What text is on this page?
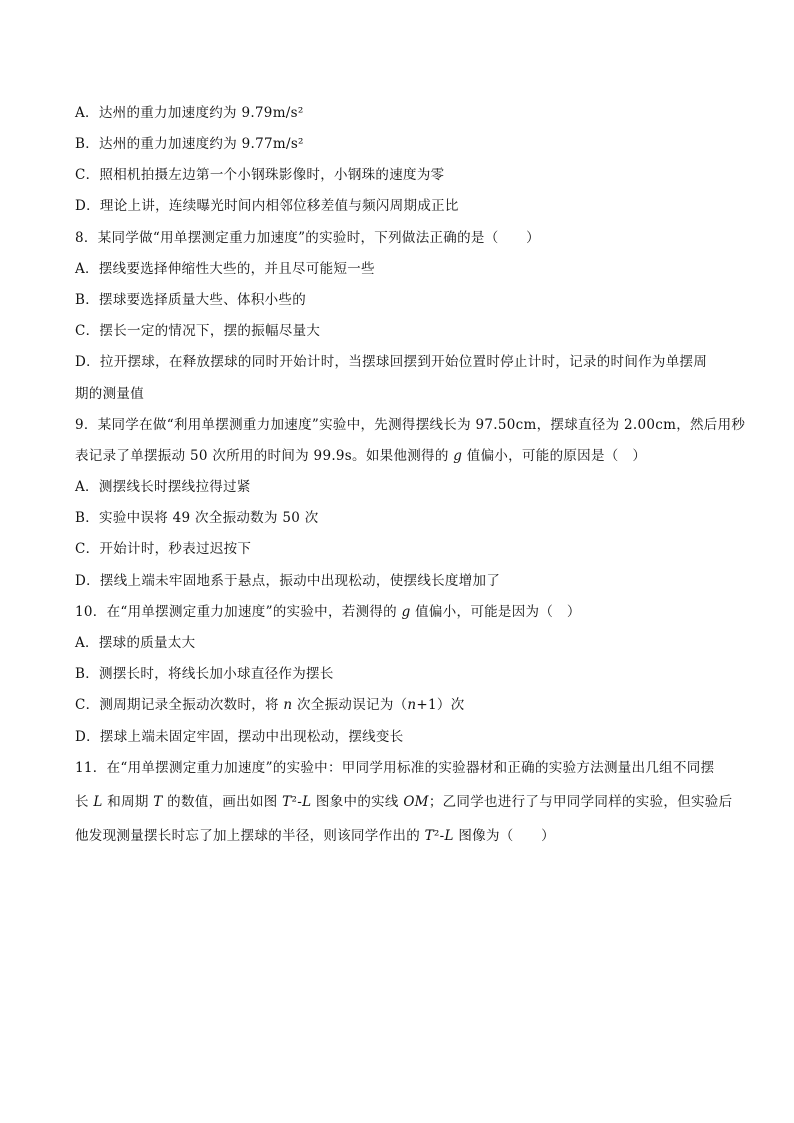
A．达州的重力加速度约为 9.79m/s²
B．达州的重力加速度约为 9.77m/s²
C．照相机拍摄左边第一个小钢珠影像时，小钢珠的速度为零
D．理论上讲，连续曝光时间内相邻位移差值与频闪周期成正比
8．某同学做“用单摆测定重力加速度”的实验时，下列做法正确的是（　　）
A．摆线要选择伸缩性大些的，并且尽可能短一些
B．摆球要选择质量大些、体积小些的
C．摆长一定的情况下，摆的振幅尽量大
D．拉开摆球，在释放摆球的同时开始计时，当摆球回摆到开始位置时停止计时，记录的时间作为单摆周
期的测量值
9．某同学在做“利用单摆测重力加速度”实验中，先测得摆线长为 97.50cm，摆球直径为 2.00cm，然后用秒
表记录了单摆振动 50 次所用的时间为 99.9s。如果他测得的 g 值偏小，可能的原因是（　）
A．测摆线长时摆线拉得过紧
B．实验中误将 49 次全振动数为 50 次
C．开始计时，秒表过迟按下
D．摆线上端未牢固地系于悬点，振动中出现松动，使摆线长度增加了
10．在“用单摆测定重力加速度”的实验中，若测得的 g 值偏小，可能是因为（　）
A．摆球的质量太大
B．测摆长时，将线长加小球直径作为摆长
C．测周期记录全振动次数时，将 n 次全振动误记为（n+1）次
D．摆球上端未固定牢固，摆动中出现松动，摆线变长
11．在“用单摆测定重力加速度”的实验中：甲同学用标准的实验器材和正确的实验方法测量出几组不同摆
长 L 和周期 T 的数值，画出如图 T²-L 图象中的实线 OM；乙同学也进行了与甲同学同样的实验，但实验后
他发现测量摆长时忘了加上摆球的半径，则该同学作出的 T²-L 图像为（　　）
